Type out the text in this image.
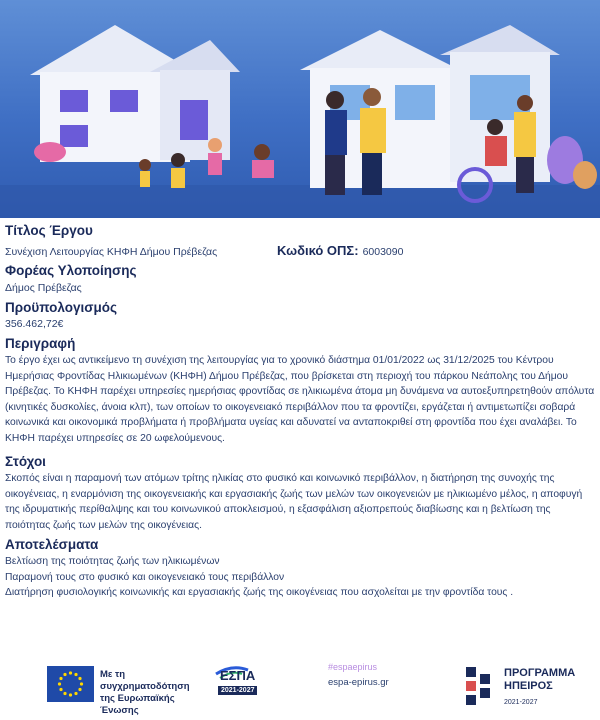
Τίτλος Έργου
Συνέχιση Λειτουργίας ΚΗΦΗ Δήμου Πρέβεζας	Κωδικό ΟΠΣ: 6003090
Φορέας Υλοποίησης
Δήμος Πρέβεζας
Προϋπολογισμός
356.462,72€
Περιγραφή
Το έργο έχει ως αντικείμενο τη συνέχιση της λειτουργίας για το χρονικό διάστημα 01/01/2022 ως 31/12/2025 του Κέντρου Ημερήσιας Φροντίδας Ηλικιωμένων (ΚΗΦΗ) Δήμου Πρέβεζας, που βρίσκεται στη περιοχή του πάρκου Νεάπολης του Δήμου Πρέβεζας. Το ΚΗΦΗ παρέχει υπηρεσίες ημερήσιας φροντίδας σε ηλικιωμένα άτομα μη δυνάμενα να αυτοεξυπηρετηθούν απόλυτα (κινητικές δυσκολίες, άνοια κλπ), των οποίων το οικογενειακό περιβάλλον που τα φροντίζει, εργάζεται ή αντιμετωπίζει σοβαρά κοινωνικά και οικονομικά προβλήματα ή προβλήματα υγείας και αδυνατεί να ανταποκριθεί στη φροντίδα που έχει αναλάβει. Το ΚΗΦΗ παρέχει υπηρεσίες σε 20 ωφελούμενους.
Στόχοι
Σκοπός είναι η παραμονή των ατόμων τρίτης ηλικίας στο φυσικό και κοινωνικό περιβάλλον, η διατήρηση της συνοχής της οικογένειας, η εναρμόνιση της οικογενειακής και εργασιακής ζωής των μελών των οικογενειών με ηλικιωμένο μέλος, η αποφυγή της ιδρυματικής περίθαλψης και του κοινωνικού αποκλεισμού, η εξασφάλιση αξιοπρεπούς διαβίωσης και η βελτίωση της ποιότητας ζωής των μελών της οικογένειας.
Αποτελέσματα
Βελτίωση της ποιότητας ζωής των ηλικιωμένων
Παραμονή τους στο φυσικό και οικογενειακό τους περιβάλλον
Διατήρηση φυσιολογικής κοινωνικής και εργασιακής ζωής της οικογένειας που ασχολείται με την φροντίδα τους .
Με τη συγχρηματοδότηση
της Ευρωπαϊκής Ένωσης
ΕΣΠΑ
2021-2027
#espaepirus
espa-epirus.gr
ΠΡΟΓΡΑΜΜΑ
ΗΠΕΙΡΟΣ
2021-2027
